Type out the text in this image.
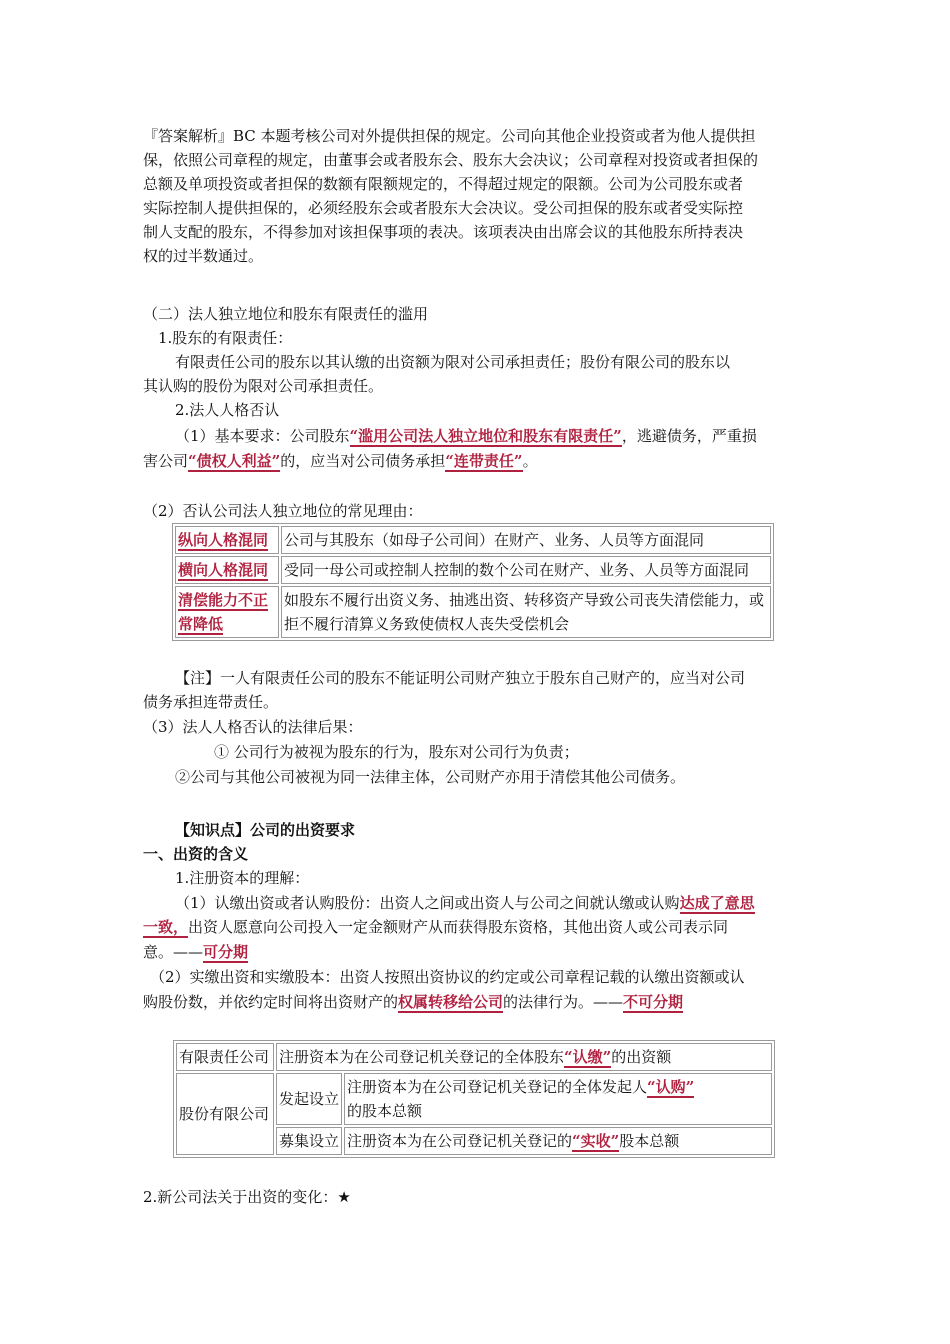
『答案解析』BC 本题考核公司对外提供担保的规定。公司向其他企业投资或者为他人提供担
保，依照公司章程的规定，由董事会或者股东会、股东大会决议；公司章程对投资或者担保的
总额及单项投资或者担保的数额有限额规定的，不得超过规定的限额。公司为公司股东或者
实际控制人提供担保的，必须经股东会或者股东大会决议。受公司担保的股东或者受实际控
制人支配的股东，不得参加对该担保事项的表决。该项表决由出席会议的其他股东所持表决
权的过半数通过。
（二）法人独立地位和股东有限责任的滥用
1.股东的有限责任：
有限责任公司的股东以其认缴的出资额为限对公司承担责任；股份有限公司的股东以
其认购的股份为限对公司承担责任。
2.法人人格否认
（1）基本要求：公司股东“滥用公司法人独立地位和股东有限责任”，逃避债务，严重损
害公司“债权人利益”的，应当对公司债务承担“连带责任”。
（2）否认公司法人独立地位的常见理由：
纵向人格混同	公司与其股东（如母子公司间）在财产、业务、人员等方面混同
横向人格混同	受同一母公司或控制人控制的数个公司在财产、业务、人员等方面混同
清偿能力不正常降低	如股东不履行出资义务、抽逃出资、转移资产导致公司丧失清偿能力，或拒不履行清算义务致使债权人丧失受偿机会
【注】一人有限责任公司的股东不能证明公司财产独立于股东自己财产的，应当对公司
债务承担连带责任。
（3）法人人格否认的法律后果：
① 公司行为被视为股东的行为，股东对公司行为负责；
②公司与其他公司被视为同一法律主体，公司财产亦用于清偿其他公司债务。
【知识点】公司的出资要求
一、出资的含义
1.注册资本的理解：
（1）认缴出资或者认购股份：出资人之间或出资人与公司之间就认缴或认购达成了意思
一致，出资人愿意向公司投入一定金额财产从而获得股东资格，其他出资人或公司表示同
意。——可分期
（2）实缴出资和实缴股本：出资人按照出资协议的约定或公司章程记载的认缴出资额或认
购股份数，并依约定时间将出资财产的权属转移给公司的法律行为。——不可分期
有限责任公司	注册资本为在公司登记机关登记的全体股东“认缴”的出资额	
股份有限公司	发起设立	注册资本为在公司登记机关登记的全体发起人“认购”
的股本总额
	募集设立	注册资本为在公司登记机关登记的“实收”股本总额
2.新公司法关于出资的变化：★
